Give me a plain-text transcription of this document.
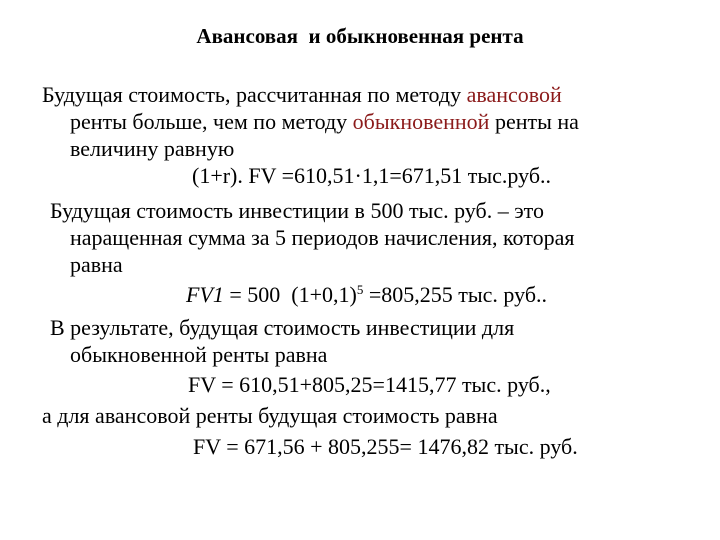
Авансовая  и обыкновенная рента
Будущая стоимость, рассчитанная по методу авансовой
ренты больше, чем по методу обыкновенной ренты на
величину равную
(1+r). FV =610,51·1,1=671,51 тыс.руб..
Будущая стоимость инвестиции в 500 тыс. руб. – это
наращенная сумма за 5 периодов начисления, которая
равна
FV1 = 500  $(1+0,1)^5 =805,255$ тыс. руб..
В результате, будущая стоимость инвестиции для
обыкновенной ренты равна
FV = 610,51+805,25=1415,77 тыс. руб.,
а для авансовой ренты будущая стоимость равна
FV = 671,56 + 805,255= 1476,82 тыс. руб.
